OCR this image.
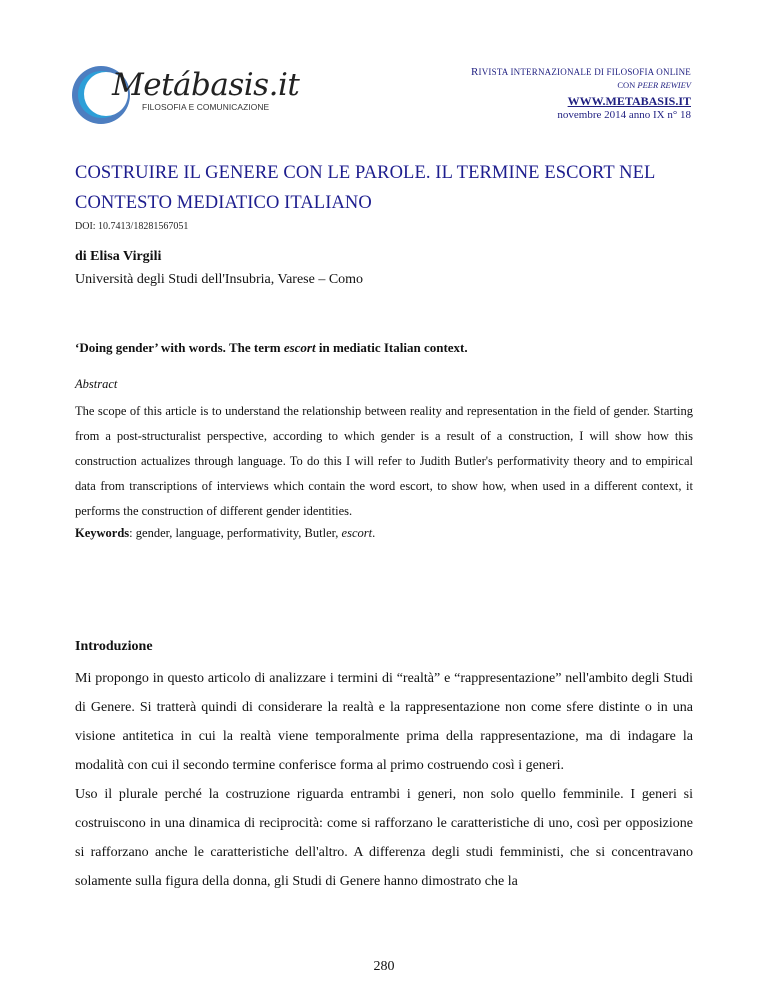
Metábasis.it
FILOSOFIA E COMUNICAZIONE
RIVISTA INTERNAZIONALE DI FILOSOFIA ONLINE
CON PEER REWIEV
WWW.METABASIS.IT
novembre 2014 anno IX n° 18
COSTRUIRE IL GENERE CON LE PAROLE. IL TERMINE ESCORT NEL CONTESTO MEDIATICO ITALIANO
DOI: 10.7413/18281567051
di Elisa Virgili
Università degli Studi dell'Insubria, Varese – Como
‘Doing gender’ with words. The term escort in mediatic Italian context.
Abstract
The scope of this article is to understand the relationship between reality and representation in the field of gender. Starting from a post-structuralist perspective, according to which gender is a result of a construction, I will show how this construction actualizes through language. To do this I will refer to Judith Butler's performativity theory and to empirical data from transcriptions of interviews which contain the word escort, to show how, when used in a different context, it performs the construction of different gender identities.
Keywords: gender, language, performativity, Butler, escort.
Introduzione

Mi propongo in questo articolo di analizzare i termini di “realtà” e “rappresentazione” nell'ambito degli Studi di Genere. Si tratterà quindi di considerare la realtà e la rappresentazione non come sfere distinte o in una visione antitetica in cui la realtà viene temporalmente prima della rappresentazione, ma di indagare la modalità con cui il secondo termine conferisce forma al primo costruendo così i generi.

Uso il plurale perché la costruzione riguarda entrambi i generi, non solo quello femminile. I generi si costruiscono in una dinamica di reciprocità: come si rafforzano le caratteristiche di uno, così per opposizione si rafforzano anche le caratteristiche dell'altro. A differenza degli studi femministi, che si concentravano solamente sulla figura della donna, gli Studi di Genere hanno dimostrato che la

280
